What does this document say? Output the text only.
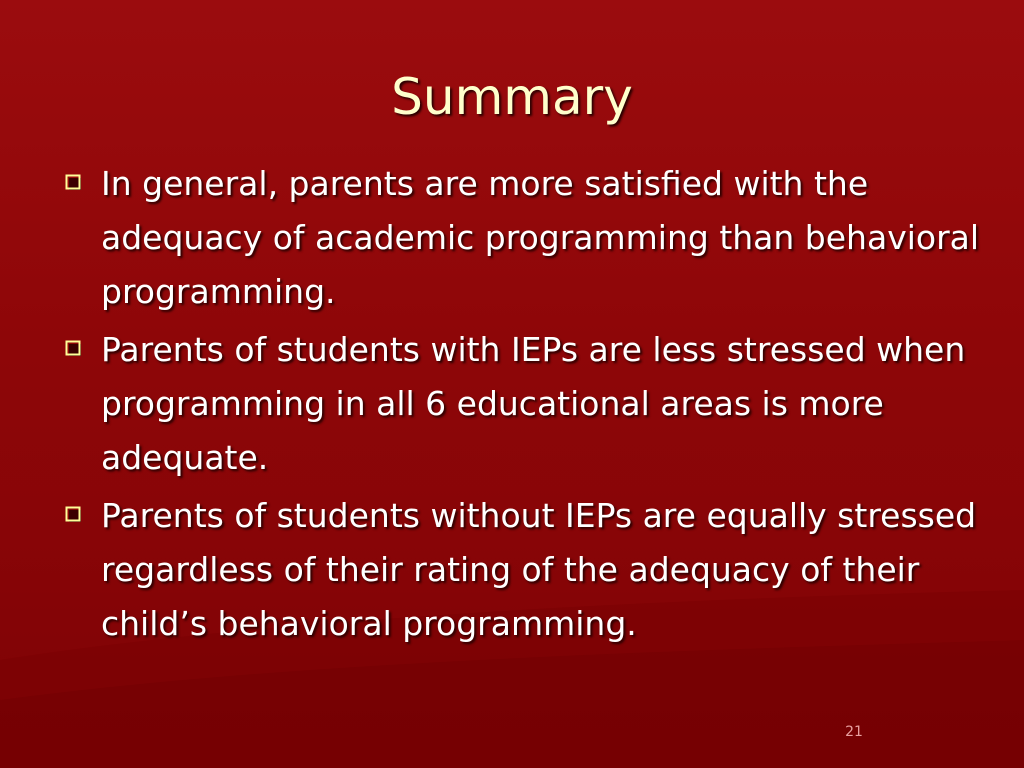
Summary
In general, parents are more satisfied with the adequacy of academic programming than behavioral programming.
Parents of students with IEPs are less stressed when programming in all 6 educational areas is more adequate.
Parents of students without IEPs are equally stressed regardless of their rating of the adequacy of their child’s behavioral programming.
21
